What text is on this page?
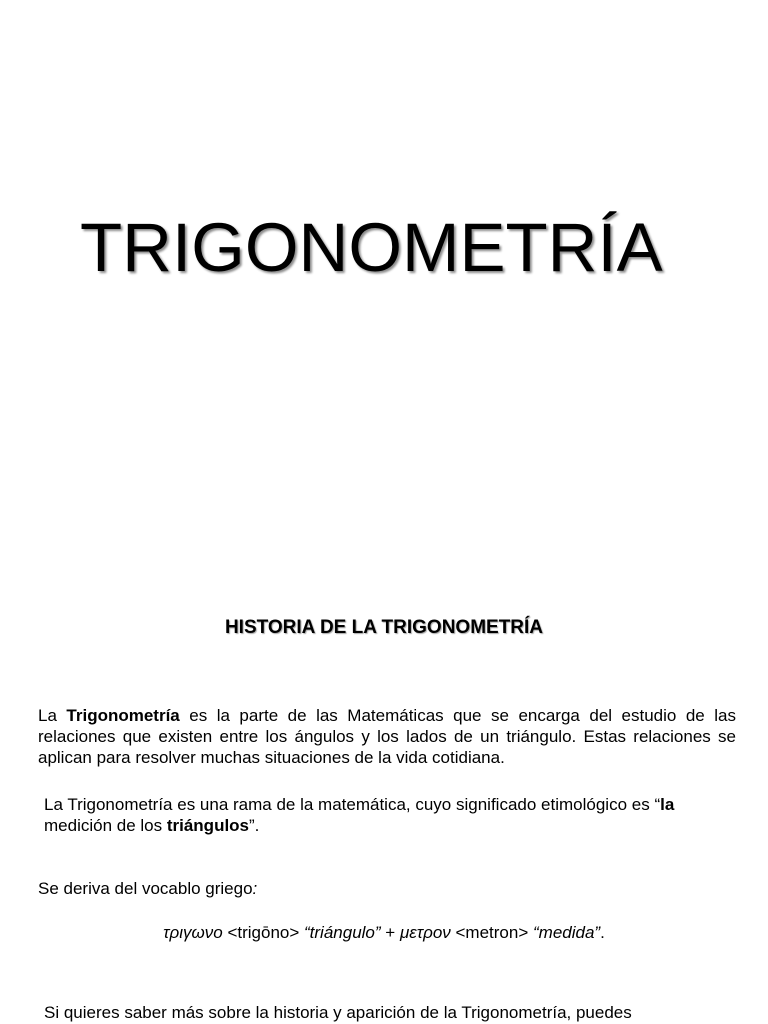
TRIGONOMETRÍA
HISTORIA DE LA TRIGONOMETRÍA

La Trigonometría es la parte de las Matemáticas que se encarga del estudio de las relaciones que existen entre los ángulos y los lados de un triángulo. Estas relaciones se aplican para resolver muchas situaciones de la vida cotidiana.

La Trigonometría es una rama de la matemática, cuyo significado etimológico es “la medición de los triángulos”.

Se deriva del vocablo griego:

τριγωνο <trigōno> “triángulo” + μετρον <metron> “medida”.

Si quieres saber más sobre la historia y aparición de la Trigonometría, puedes
